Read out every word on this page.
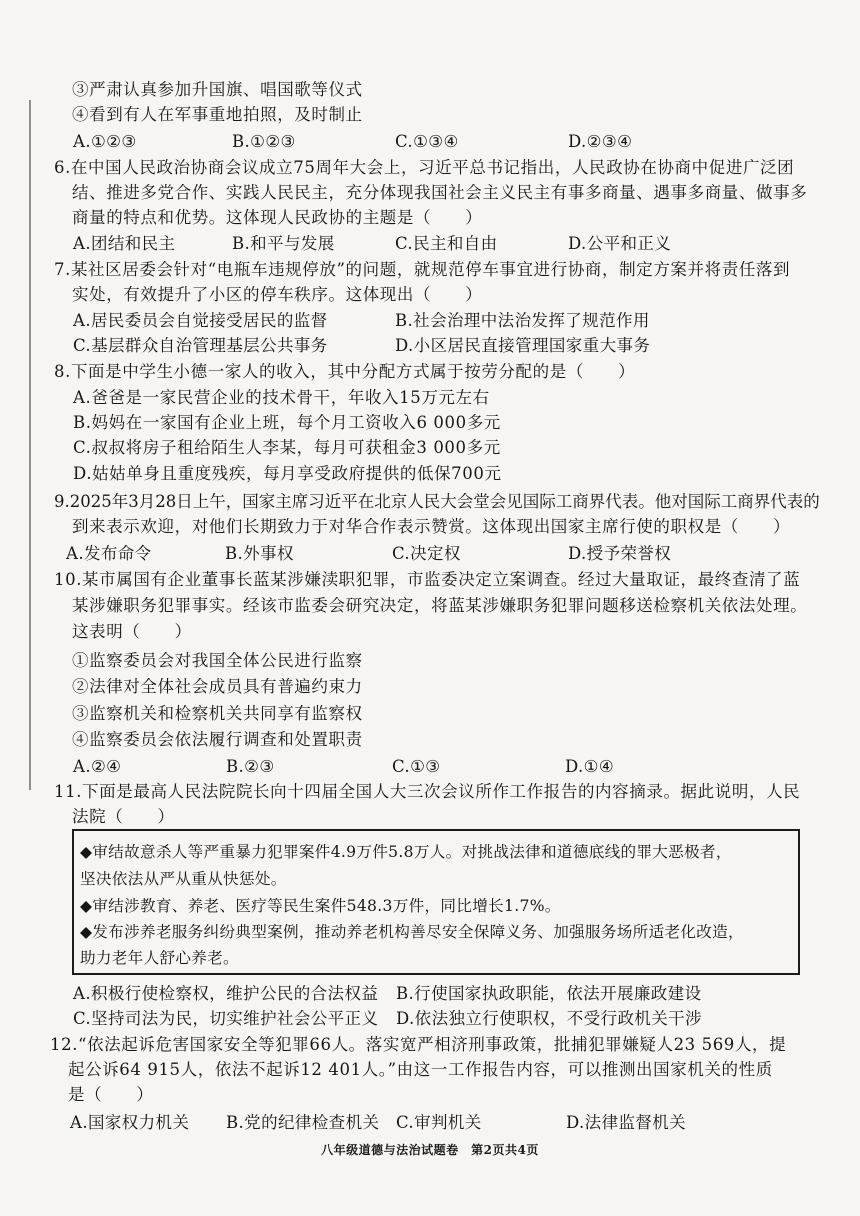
③严肃认真参加升国旗、唱国歌等仪式
④看到有人在军事重地拍照，及时制止
A.①②③	B.①②③	C.①③④	D.②③④
6.在中国人民政治协商会议成立75周年大会上，习近平总书记指出，人民政协在协商中促进广泛团
结、推进多党合作、实践人民民主，充分体现我国社会主义民主有事多商量、遇事多商量、做事多
商量的特点和优势。这体现人民政协的主题是（　　）
A.团结和民主	B.和平与发展	C.民主和自由	D.公平和正义
7.某社区居委会针对“电瓶车违规停放”的问题，就规范停车事宜进行协商，制定方案并将责任落到
实处，有效提升了小区的停车秩序。这体现出（　　）
A.居民委员会自觉接受居民的监督	B.社会治理中法治发挥了规范作用
C.基层群众自治管理基层公共事务	D.小区居民直接管理国家重大事务
8.下面是中学生小德一家人的收入，其中分配方式属于按劳分配的是（　　）
A.爸爸是一家民营企业的技术骨干，年收入15万元左右
B.妈妈在一家国有企业上班，每个月工资收入6 000多元
C.叔叔将房子租给陌生人李某，每月可获租金3 000多元
D.姑姑单身且重度残疾，每月享受政府提供的低保700元
9.2025年3月28日上午，国家主席习近平在北京人民大会堂会见国际工商界代表。他对国际工商界代表的
到来表示欢迎，对他们长期致力于对华合作表示赞赏。这体现出国家主席行使的职权是（　　）
A.发布命令	B.外事权	C.决定权	D.授予荣誉权
10.某市属国有企业董事长蓝某涉嫌渎职犯罪，市监委决定立案调查。经过大量取证，最终查清了蓝
某涉嫌职务犯罪事实。经该市监委会研究决定，将蓝某涉嫌职务犯罪问题移送检察机关依法处理。
这表明（　　）
①监察委员会对我国全体公民进行监察
②法律对全体社会成员具有普遍约束力
③监察机关和检察机关共同享有监察权
④监察委员会依法履行调查和处置职责
A.②④	B.②③	C.①③	D.①④
11.下面是最高人民法院院长向十四届全国人大三次会议所作工作报告的内容摘录。据此说明，人民
法院（　　）
◆审结故意杀人等严重暴力犯罪案件4.9万件5.8万人。对挑战法律和道德底线的罪大恶极者，
坚决依法从严从重从快惩处。
◆审结涉教育、养老、医疗等民生案件548.3万件，同比增长1.7%。
◆发布涉养老服务纠纷典型案例，推动养老机构善尽安全保障义务、加强服务场所适老化改造，
助力老年人舒心养老。
A.积极行使检察权，维护公民的合法权益 B.行使国家执政职能，依法开展廉政建设
C.坚持司法为民，切实维护社会公平正义 D.依法独立行使职权，不受行政机关干涉
12.“依法起诉危害国家安全等犯罪66人。落实宽严相济刑事政策，批捕犯罪嫌疑人23 569人，提
起公诉64 915人，依法不起诉12 401人。”由这一工作报告内容，可以推测出国家机关的性质
是（　　）
A.国家权力机关 B.党的纪律检查机关 C.审判机关	D.法律监督机关
八年级道德与法治试题卷　第2页共4页
